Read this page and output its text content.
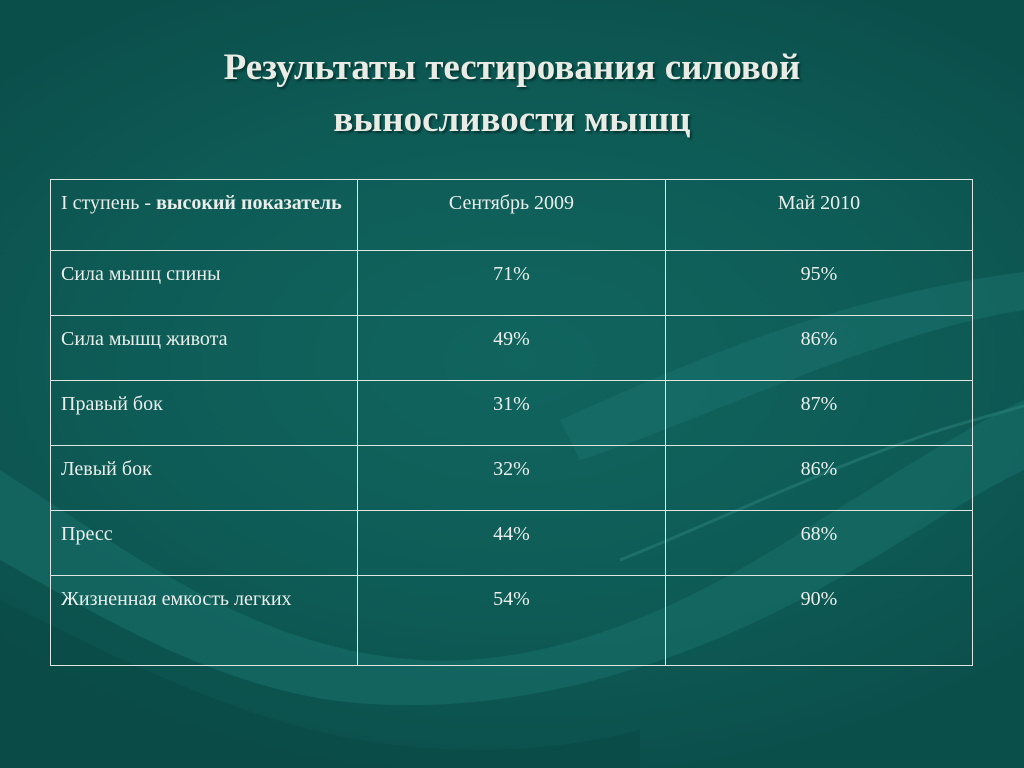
Результаты тестирования силовой
выносливости мышц
I ступень - высокий показатель	Сентябрь 2009	Май 2010

Сила мышц спины	71%	95%

Сила мышц живота	49%	86%

Правый бок	31%	87%

Левый бок	32%	86%

Пресс	44%	68%

Жизненная емкость легких	54%	90%
